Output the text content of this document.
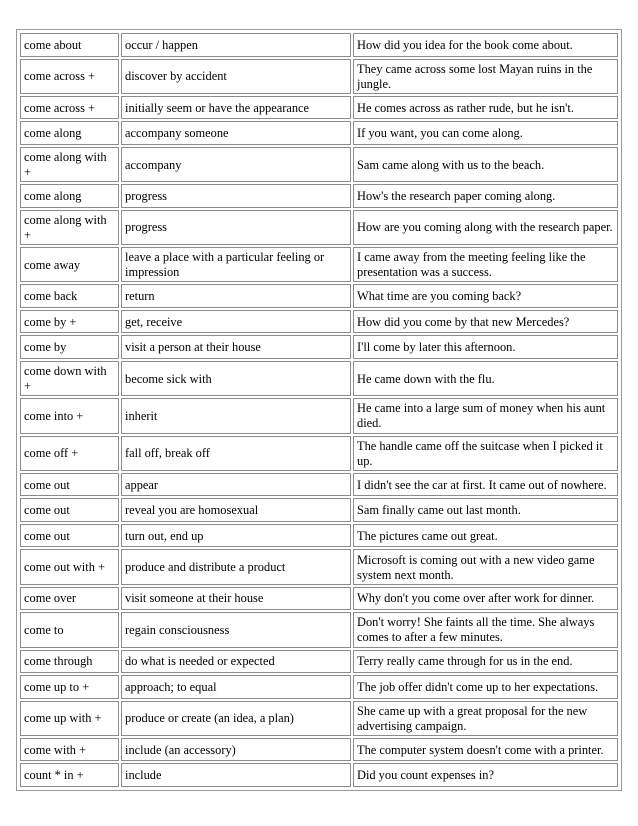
come about	occur / happen	How did you idea for the book come about.
come across +	discover by accident	They came across some lost Mayan ruins in the jungle.
come across +	initially seem or have the appearance	He comes across as rather rude, but he isn't.
come along	accompany someone	If you want, you can come along.
come along with +	accompany	Sam came along with us to the beach.
come along	progress	How's the research paper coming along.
come along with +	progress	How are you coming along with the research paper.
come away	leave a place with a particular feeling or impression	I came away from the meeting feeling like the presentation was a success.
come back	return	What time are you coming back?
come by +	get, receive	How did you come by that new Mercedes?
come by	visit a person at their house	I'll come by later this afternoon.
come down with +	become sick with	He came down with the flu.
come into +	inherit	He came into a large sum of money when his aunt died.
come off +	fall off, break off	The handle came off the suitcase when I picked it up.
come out	appear	I didn't see the car at first. It came out of nowhere.
come out	reveal you are homosexual	Sam finally came out last month.
come out	turn out, end up	The pictures came out great.
come out with +	produce and distribute a product	Microsoft is coming out with a new video game system next month.
come over	visit someone at their house	Why don't you come over after work for dinner.
come to	regain consciousness	Don't worry! She faints all the time. She always comes to after a few minutes.
come through	do what is needed or expected	Terry really came through for us in the end.
come up to +	approach; to equal	The job offer didn't come up to her expectations.
come up with +	produce or create (an idea, a plan)	She came up with a great proposal for the new advertising campaign.
come with +	include (an accessory)	The computer system doesn't come with a printer.
count * in +	include	Did you count expenses in?
